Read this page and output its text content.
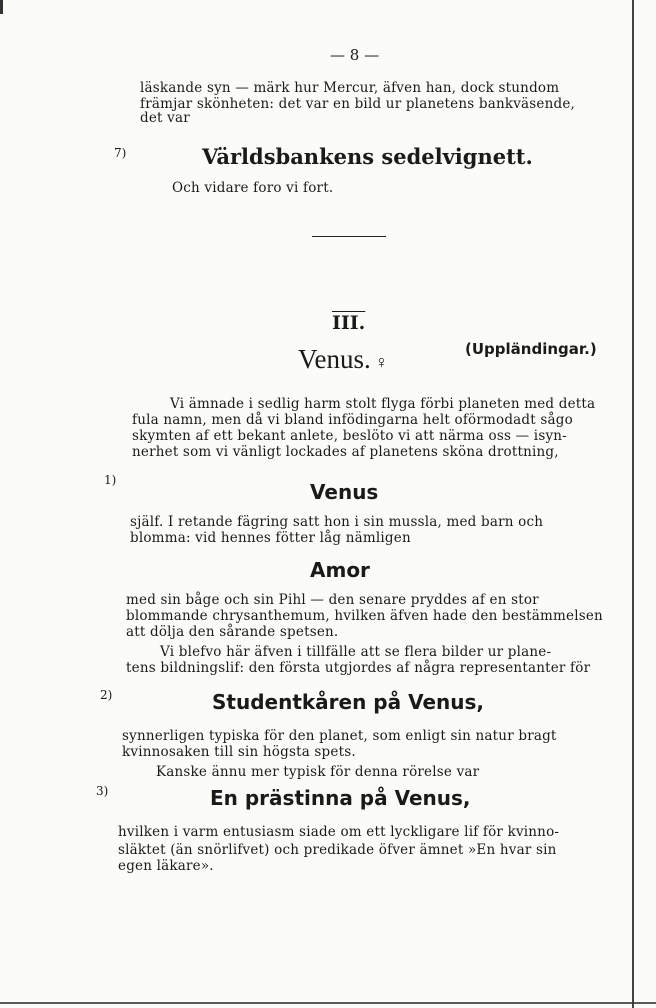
— 8 —
läskande syn — märk hur Mercur, äfven han, dock stundom
främjar skönheten: det var en bild ur planetens bankväsende,
det var
7)	Världsbankens sedelvignett.
Och vidare foro vi fort.
III.
Venus. ♀
(Uppländingar.)
Vi ämnade i sedlig harm stolt flyga förbi planeten med detta
fula namn, men då vi bland infödingarna helt oförmodadt sågo
skymten af ett bekant anlete, beslöto vi att närma oss — isyn-
nerhet som vi vänligt lockades af planetens sköna drottning,
1)	Venus
själf. I retande fägring satt hon i sin mussla, med barn och
blomma: vid hennes fötter låg nämligen
Amor
med sin båge och sin Pihl — den senare pryddes af en stor
blommande chrysanthemum, hvilken äfven hade den bestämmelsen
att dölja den sårande spetsen.
Vi blefvo här äfven i tillfälle att se flera bilder ur plane-
tens bildningslif: den första utgjordes af några representanter för
2)	Studentkåren på Venus,
synnerligen typiska för den planet, som enligt sin natur bragt
kvinnosaken till sin högsta spets.
Kanske ännu mer typisk för denna rörelse var
3)	En prästinna på Venus,
hvilken i varm entusiasm siade om ett lyckligare lif för kvinno-
släktet (än snörlifvet) och predikade öfver ämnet »En hvar sin
egen läkare».
